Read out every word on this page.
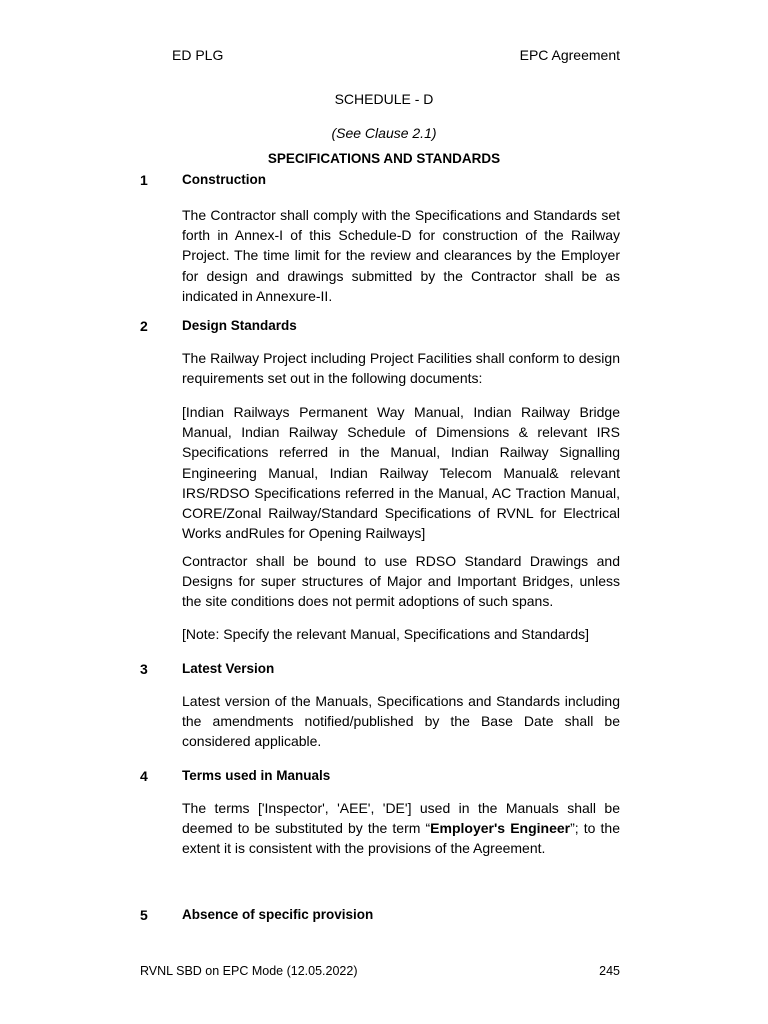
ED PLG	EPC Agreement
SCHEDULE - D
(See Clause 2.1)
SPECIFICATIONS AND STANDARDS
1	Construction
The Contractor shall comply with the Specifications and Standards set forth in Annex-I of this Schedule-D for construction of the Railway Project. The time limit for the review and clearances by the Employer for design and drawings submitted by the Contractor shall be as indicated in Annexure-II.
2	Design Standards
The Railway Project including Project Facilities shall conform to design requirements set out in the following documents:
[Indian Railways Permanent Way Manual, Indian Railway Bridge Manual, Indian Railway Schedule of Dimensions & relevant IRS Specifications referred in the Manual, Indian Railway Signalling Engineering Manual, Indian Railway Telecom Manual& relevant IRS/RDSO Specifications referred in the Manual, AC Traction Manual, CORE/Zonal Railway/Standard Specifications of RVNL for Electrical Works andRules for Opening Railways]
Contractor shall be bound to use RDSO Standard Drawings and Designs for super structures of Major and Important Bridges, unless the site conditions does not permit adoptions of such spans.
[Note: Specify the relevant Manual, Specifications and Standards]
3	Latest Version
Latest version of the Manuals, Specifications and Standards including the amendments notified/published by the Base Date shall be considered applicable.
4	Terms used in Manuals
The terms ['Inspector', 'AEE', 'DE'] used in the Manuals shall be deemed to be substituted by the term “Employer's Engineer”; to the extent it is consistent with the provisions of the Agreement.
5	Absence of specific provision
RVNL SBD on EPC Mode (12.05.2022)	245
